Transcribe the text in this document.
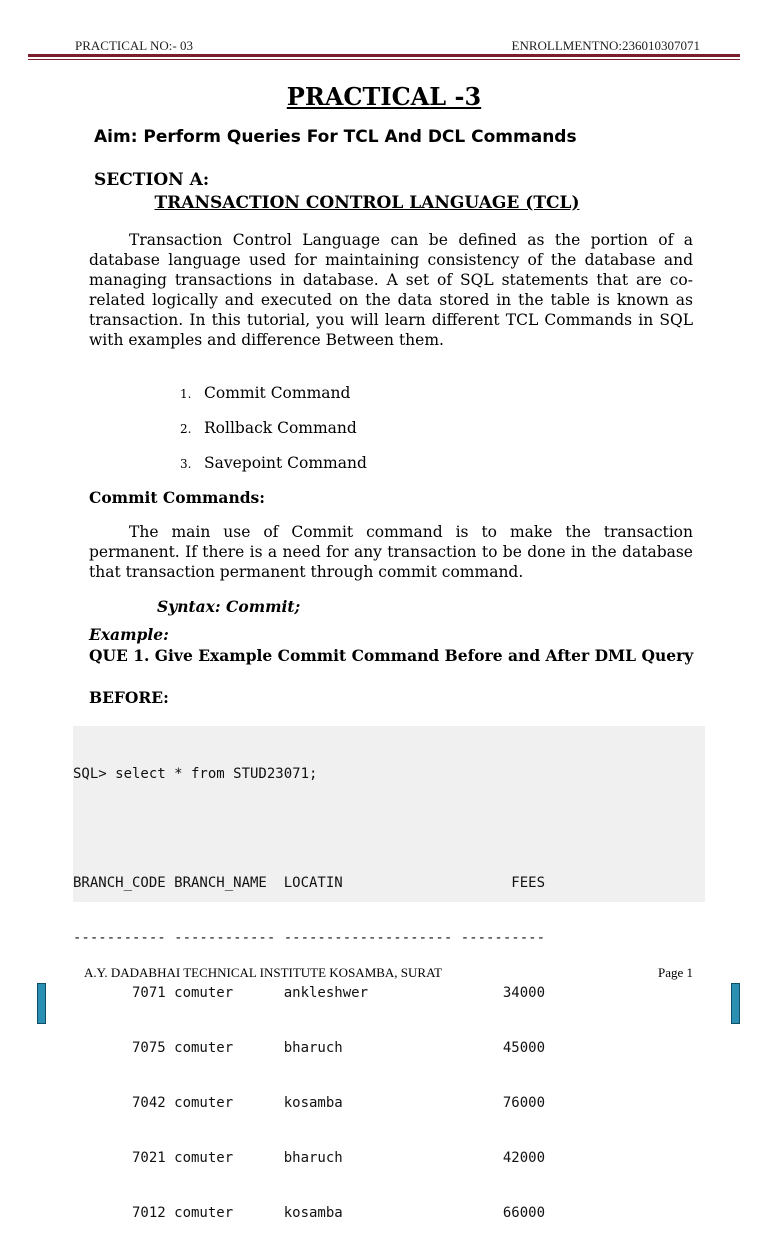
PRACTICAL NO:- 03	ENROLLMENTNO:236010307071
PRACTICAL -3
Aim: Perform Queries For TCL And DCL Commands
SECTION A:
TRANSACTION CONTROL LANGUAGE (TCL)
Transaction Control Language can be defined as the portion of a database language used for maintaining consistency of the database and managing transactions in database. A set of SQL statements that are co-related logically and executed on the data stored in the table is known as transaction. In this tutorial, you will learn different TCL Commands in SQL with examples and difference Between them.
1. Commit Command
2. Rollback Command
3. Savepoint Command
Commit Commands:
The main use of Commit command is to make the transaction permanent. If there is a need for any transaction to be done in the database that transaction permanent through commit command.
Syntax: Commit;
Example:
QUE 1. Give Example Commit Command Before and After DML Query
BEFORE:

SQL> select * from STUD23071;

BRANCH_CODE BRANCH_NAME  LOCATIN                    FEES

----------- ------------ -------------------- ----------

7071 comuter      ankleshwer                34000

7075 comuter      bharuch                   45000

7042 comuter      kosamba                   76000

7021 comuter      bharuch                   42000

7012 comuter      kosamba                   66000

A.Y. DADABHAI TECHNICAL INSTITUTE KOSAMBA, SURAT	Page 1
